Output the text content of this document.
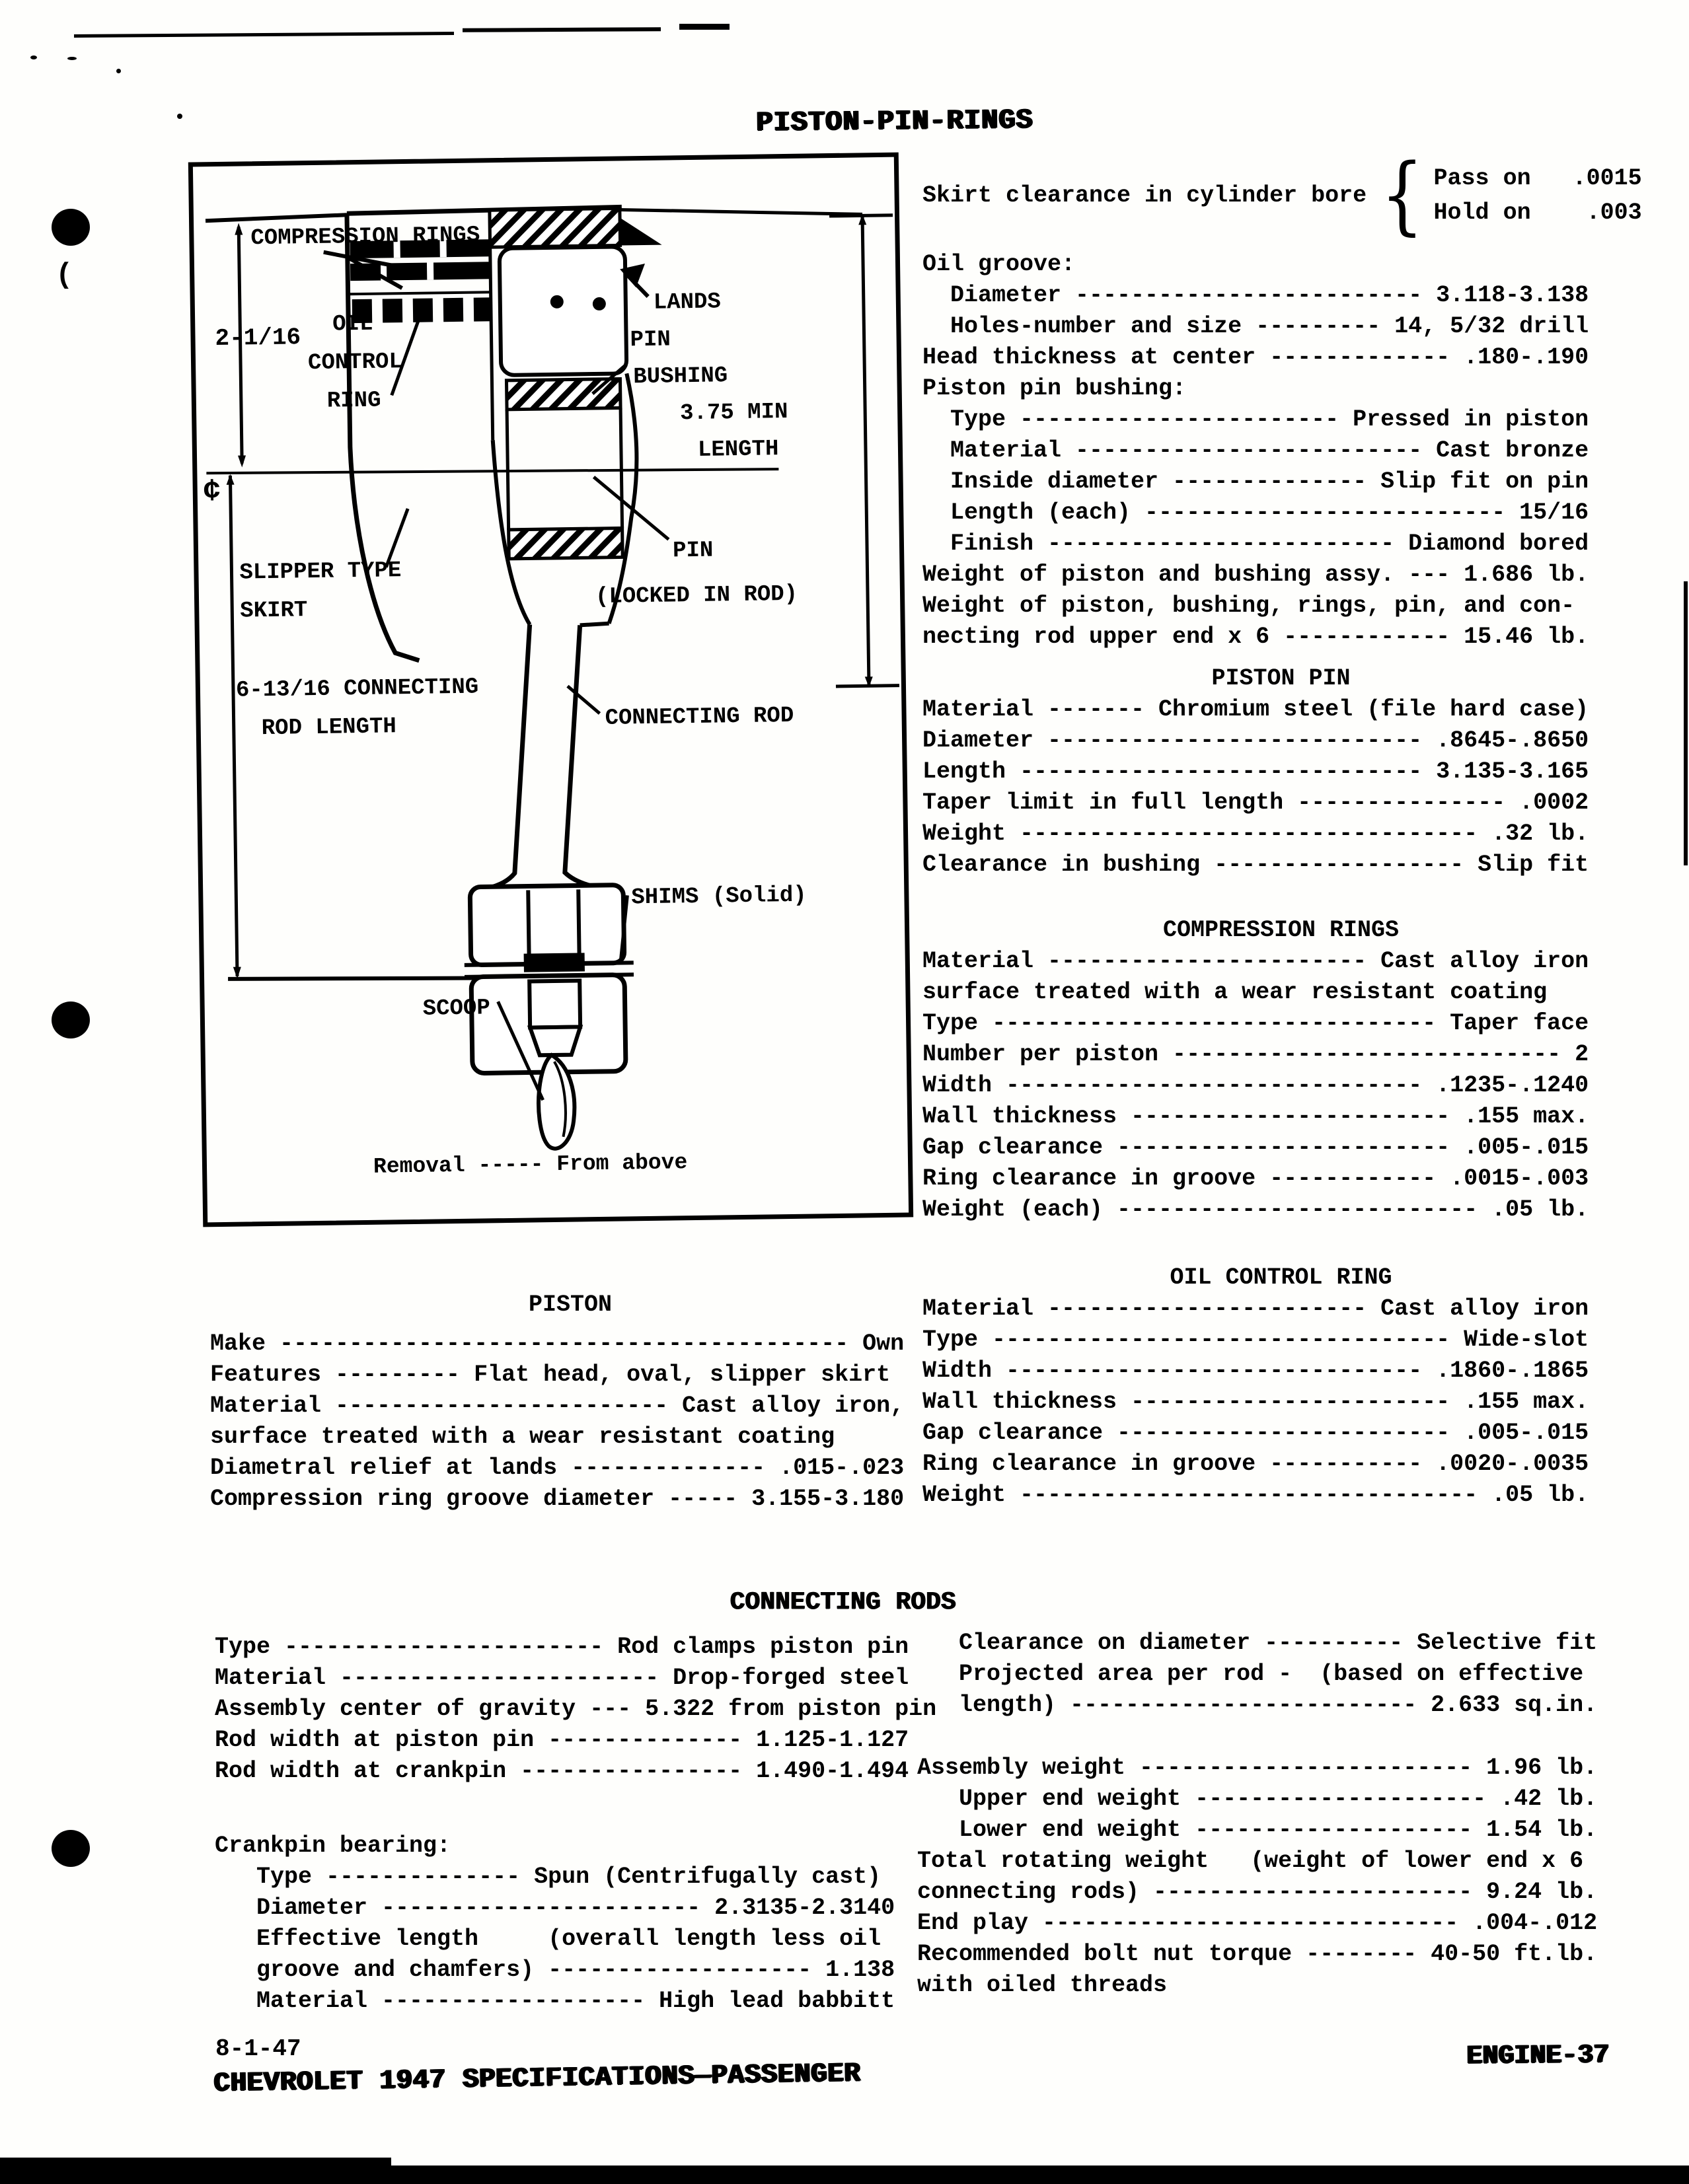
(
PISTON-PIN-RINGS
COMPRESSION RINGS
2-1/16 OIL
CONTROL
RING
LANDS
PIN
BUSHING
3.75 MIN
LENGTH
SLIPPER TYPE
SKIRT
6-13/16 CONNECTING
ROD LENGTH
PIN
(LOCKED IN ROD)
CONNECTING ROD
SHIMS (Solid)
SCOOP
¢
Removal ----- From above
Skirt clearance in cylinder bore { Pass on   .0015
Hold on    .003
Oil groove:
Diameter ------------------------- 3.118-3.138
Holes-number and size --------- 14, 5/32 drill
Head thickness at center ------------- .180-.190
Piston pin bushing:
Type ----------------------- Pressed in piston
Material ------------------------- Cast bronze
Inside diameter -------------- Slip fit on pin
Length (each) -------------------------- 15/16
Finish ------------------------- Diamond bored
Weight of piston and bushing assy. --- 1.686 lb.
Weight of piston, bushing, rings, pin, and con-
necting rod upper end x 6 ------------ 15.46 lb.
PISTON PIN
Material ------- Chromium steel (file hard case)
Diameter --------------------------- .8645-.8650
Length ----------------------------- 3.135-3.165
Taper limit in full length --------------- .0002
Weight --------------------------------- .32 lb.
Clearance in bushing ------------------ Slip fit
COMPRESSION RINGS
Material ----------------------- Cast alloy iron
surface treated with a wear resistant coating
Type -------------------------------- Taper face
Number per piston ---------------------------- 2
Width ------------------------------ .1235-.1240
Wall thickness ----------------------- .155 max.
Gap clearance ------------------------ .005-.015
Ring clearance in groove ------------ .0015-.003
Weight (each) -------------------------- .05 lb.
OIL CONTROL RING
Material ----------------------- Cast alloy iron
Type --------------------------------- Wide-slot
Width ------------------------------ .1860-.1865
Wall thickness ----------------------- .155 max.
Gap clearance ------------------------ .005-.015
Ring clearance in groove ----------- .0020-.0035
Weight --------------------------------- .05 lb.
PISTON
Make ----------------------------------------- Own
Features --------- Flat head, oval, slipper skirt
Material ------------------------ Cast alloy iron,
surface treated with a wear resistant coating
Diametral relief at lands -------------- .015-.023
Compression ring groove diameter ----- 3.155-3.180
CONNECTING RODS
Type ----------------------- Rod clamps piston pin
Material ----------------------- Drop-forged steel
Assembly center of gravity --- 5.322 from piston pin
Rod width at piston pin -------------- 1.125-1.127
Rod width at crankpin ---------------- 1.490-1.494
Crankpin bearing:
Type -------------- Spun (Centrifugally cast)
Diameter ----------------------- 2.3135-2.3140
Effective length     (overall length less oil
groove and chamfers) ------------------- 1.138
Material ------------------- High lead babbitt
Clearance on diameter ---------- Selective fit
Projected area per rod -  (based on effective
length) ------------------------- 2.633 sq.in.
Assembly weight ------------------------ 1.96 lb.
Upper end weight --------------------- .42 lb.
Lower end weight -------------------- 1.54 lb.
Total rotating weight   (weight of lower end x 6
connecting rods) ----------------------- 9.24 lb.
End play ------------------------------ .004-.012
Recommended bolt nut torque -------- 40-50 ft.lb.
with oiled threads
8-1-47
CHEVROLET 1947 SPECIFICATIONS—PASSENGER
ENGINE-37
